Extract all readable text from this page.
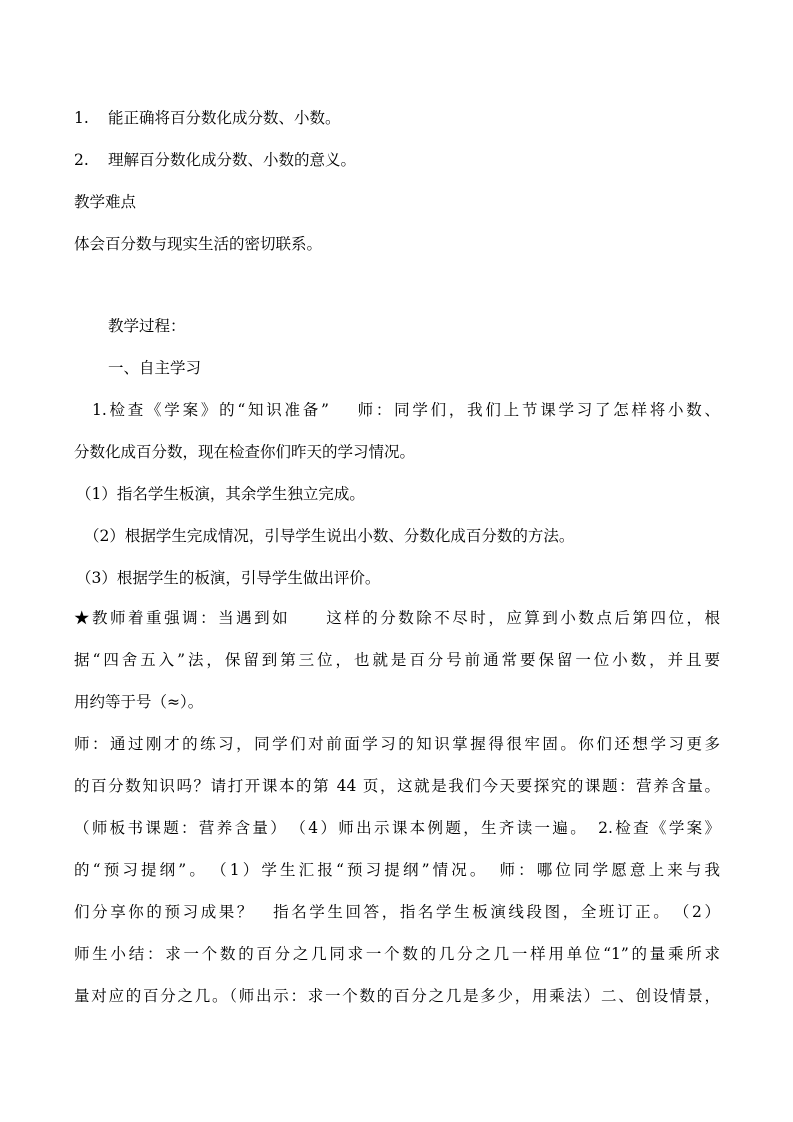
1. 能正确将百分数化成分数、小数。
2. 理解百分数化成分数、小数的意义。
教学难点
体会百分数与现实生活的密切联系。
教学过程：
一、自主学习
1.检查《学案》的“知识准备”　 师：同学们，我们上节课学习了怎样将小数、
分数化成百分数，现在检查你们昨天的学习情况。
（1）指名学生板演，其余学生独立完成。
（2）根据学生完成情况，引导学生说出小数、分数化成百分数的方法。
（3）根据学生的板演，引导学生做出评价。
★教师着重强调：当遇到如　　这样的分数除不尽时，应算到小数点后第四位，根
据“四舍五入”法，保留到第三位，也就是百分号前通常要保留一位小数，并且要
用约等于号（≈）。
师：通过刚才的练习，同学们对前面学习的知识掌握得很牢固。你们还想学习更多
的百分数知识吗？请打开课本的第 44 页，这就是我们今天要探究的课题：营养含量。
（师板书课题：营养含量）　（4）师出示课本例题，生齐读一遍。　2.检查《学案》
的“预习提纲”。　（1）学生汇报“预习提纲”情况。　师：哪位同学愿意上来与我
们分享你的预习成果？　指名学生回答，指名学生板演线段图，全班订正。　（2）
师生小结：求一个数的百分之几同求一个数的几分之几一样用单位“1”的量乘所求
量对应的百分之几。（师出示：求一个数的百分之几是多少，用乘法）二、创设情景，
